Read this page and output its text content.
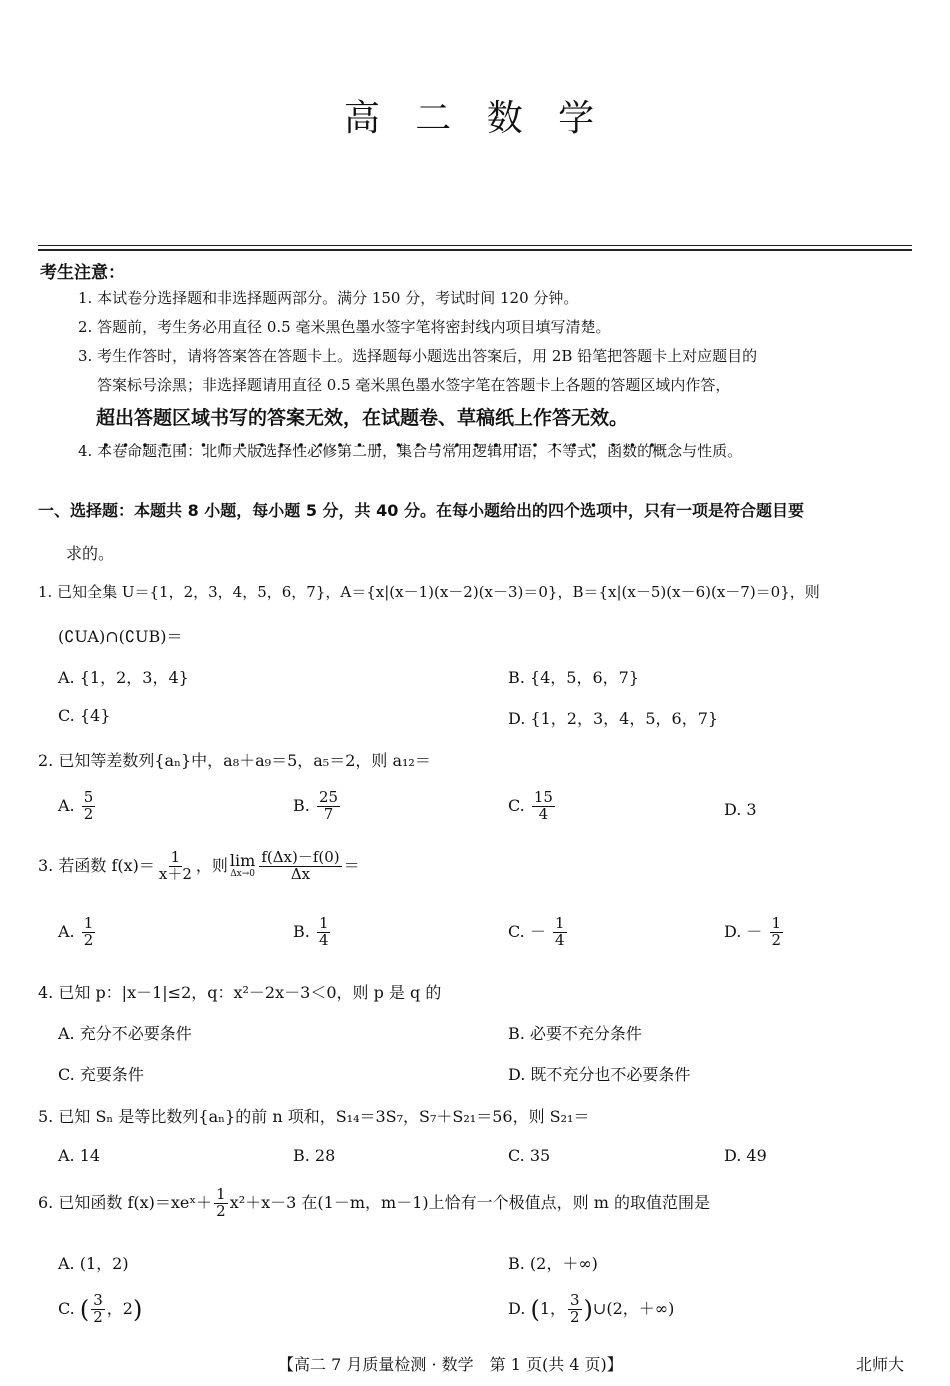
高 二 数 学
考生注意：
1. 本试卷分选择题和非选择题两部分。满分 150 分，考试时间 120 分钟。
2. 答题前，考生务必用直径 0.5 毫米黑色墨水签字笔将密封线内项目填写清楚。
3. 考生作答时，请将答案答在答题卡上。选择题每小题选出答案后，用 2B 铅笔把答题卡上对应题目的
答案标号涂黑；非选择题请用直径 0.5 毫米黑色墨水签字笔在答题卡上各题的答题区域内作答，
超出答题区域书写的答案无效，在试题卷、草稿纸上作答无效。
4. 本卷命题范围：北师大版选择性必修第二册，集合与常用逻辑用语，不等式，函数的概念与性质。
一、选择题：本题共 8 小题，每小题 5 分，共 40 分。在每小题给出的四个选项中，只有一项是符合题目要
求的。
1. 已知全集 U＝{1，2，3，4，5，6，7}，A＝{x|(x－1)(x－2)(x－3)＝0}，B＝{x|(x－5)(x－6)(x－7)＝0}，则
(∁UA)∩(∁UB)＝
A. {1，2，3，4}	B. {4，5，6，7}
C. {4}	D. {1，2，3，4，5，6，7}
2. 已知等差数列{aₙ}中，a₈＋a₉＝5，a₅＝2，则 a₁₂＝
A. $\frac{5}{2}$	B. $\frac{25}{7}$	C. $\frac{15}{4}$	D. 3
3. 若函数 $f(x)= \frac{1}{x+2}$ ，则 lim
$\Delta x\to 0 \frac{f(\Delta x)-f(0)}{\Delta x}$ ＝
A. $\frac{1}{2}$	B. $\frac{1}{4}$	C. － $\frac{1}{4}$	D. － $\frac{1}{2}$
4. 已知 p：|x－1|≤2，q：x²－2x－3＜0，则 p 是 q 的
A. 充分不必要条件	B. 必要不充分条件
C. 充要条件	D. 既不充分也不必要条件
5. 已知 Sₙ 是等比数列{aₙ}的前 n 项和，S₁₄＝3S₇，S₇＋S₂₁＝56，则 S₂₁＝
A. 14	B. 28	C. 35	D. 49
6. 已知函数 f(x)＝xeˣ＋ $\frac{1}{2} x^2+x-3$ 在(1－m，m－1)上恰有一个极值点，则 m 的取值范围是
A. (1，2)	B. (2，＋∞)
C. ( $\frac{3}{2}$ ，2)	D. (1， $\frac{3}{2}$ )∪(2，＋∞)
【高二 7 月质量检测 · 数学　第 1 页(共 4 页)】	北师大
